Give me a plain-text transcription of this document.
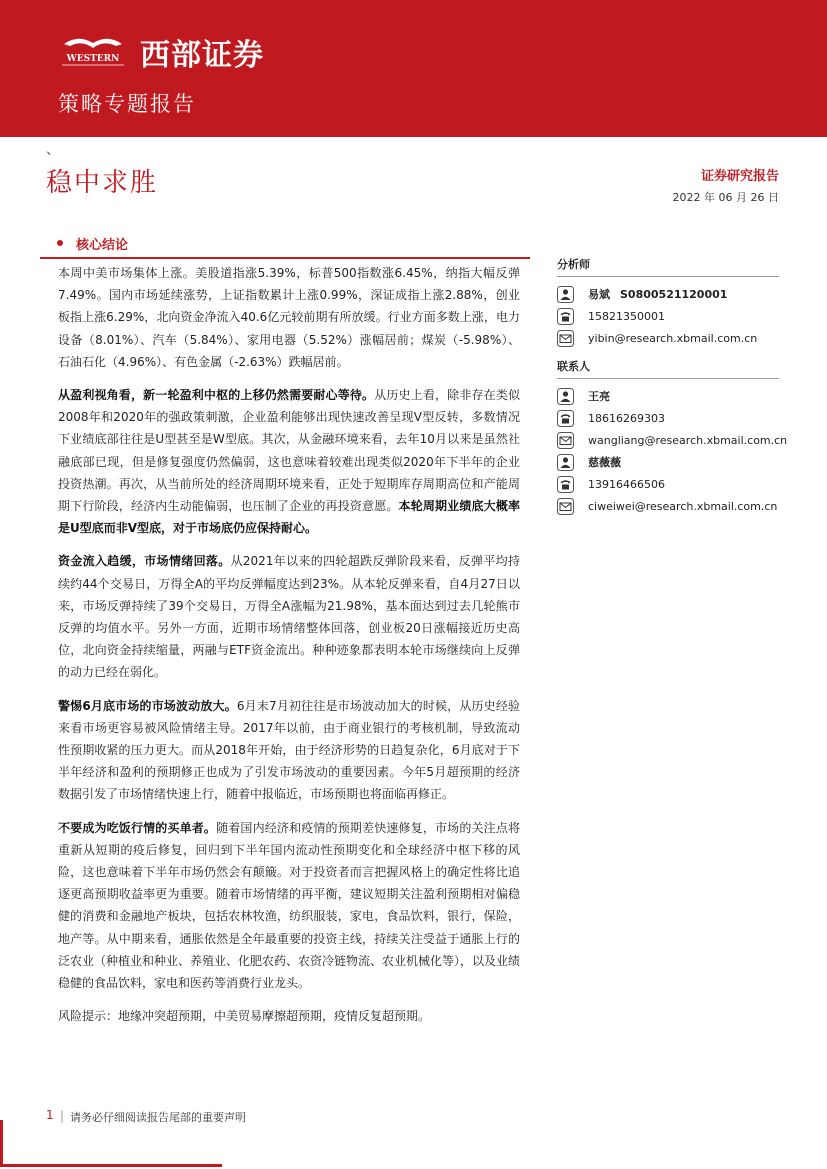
WESTERN 西部证券
策略专题报告
、
稳中求胜	证券研究报告
2022 年 06 月 26 日
核心结论

本周中美市场集体上涨。美股道指涨5.39%，标普500指数涨6.45%，纳指大幅反弹7.49%。国内市场延续涨势，上证指数累计上涨0.99%，深证成指上涨2.88%，创业板指上涨6.29%，北向资金净流入40.6亿元较前期有所放缓。行业方面多数上涨，电力设备（8.01%）、汽车（5.84%）、家用电器（5.52%）涨幅居前；煤炭（-5.98%）、石油石化（4.96%）、有色金属（-2.63%）跌幅居前。

从盈利视角看，新一轮盈利中枢的上移仍然需要耐心等待。从历史上看，除非存在类似2008年和2020年的强政策刺激，企业盈利能够出现快速改善呈现V型反转，多数情况下业绩底部往往是U型甚至是W型底。其次，从金融环境来看，去年10月以来是虽然社融底部已现，但是修复强度仍然偏弱，这也意味着较难出现类似2020年下半年的企业投资热潮。再次，从当前所处的经济周期环境来看，正处于短期库存周期高位和产能周期下行阶段，经济内生动能偏弱，也压制了企业的再投资意愿。本轮周期业绩底大概率是U型底而非V型底，对于市场底仍应保持耐心。

资金流入趋缓，市场情绪回落。从2021年以来的四轮超跌反弹阶段来看，反弹平均持续约44个交易日，万得全A的平均反弹幅度达到23%。从本轮反弹来看，自4月27日以来，市场反弹持续了39个交易日，万得全A涨幅为21.98%，基本面达到过去几轮熊市反弹的均值水平。另外一方面，近期市场情绪整体回落，创业板20日涨幅接近历史高位，北向资金持续缩量，两融与ETF资金流出。种种迹象都表明本轮市场继续向上反弹的动力已经在弱化。

警惕6月底市场的市场波动放大。6月末7月初往往是市场波动加大的时候，从历史经验来看市场更容易被风险情绪主导。2017年以前，由于商业银行的考核机制，导致流动性预期收紧的压力更大。而从2018年开始，由于经济形势的日趋复杂化，6月底对于下半年经济和盈利的预期修正也成为了引发市场波动的重要因素。今年5月超预期的经济数据引发了市场情绪快速上行，随着中报临近，市场预期也将面临再修正。

不要成为吃饭行情的买单者。随着国内经济和疫情的预期差快速修复，市场的关注点将重新从短期的疫后修复，回归到下半年国内流动性预期变化和全球经济中枢下移的风险，这也意味着下半年市场仍然会有颠簸。对于投资者而言把握风格上的确定性将比追逐更高预期收益率更为重要。随着市场情绪的再平衡，建议短期关注盈利预期相对偏稳健的消费和金融地产板块，包括农林牧渔，纺织服装，家电，食品饮料，银行，保险，地产等。从中期来看，通胀依然是全年最重要的投资主线，持续关注受益于通胀上行的泛农业（种植业和种业、养殖业、化肥农药、农资冷链物流、农业机械化等），以及业绩稳健的食品饮料，家电和医药等消费行业龙头。

风险提示：地缘冲突超预期，中美贸易摩擦超预期，疫情反复超预期。

分析师
易斌 S0800521120001
15821350001
yibin@research.xbmail.com.cn
联系人
王亮
18616269303
wangliang@research.xbmail.com.cn
慈薇薇
13916466506
ciweiwei@research.xbmail.com.cn
1 | 请务必仔细阅读报告尾部的重要声明
